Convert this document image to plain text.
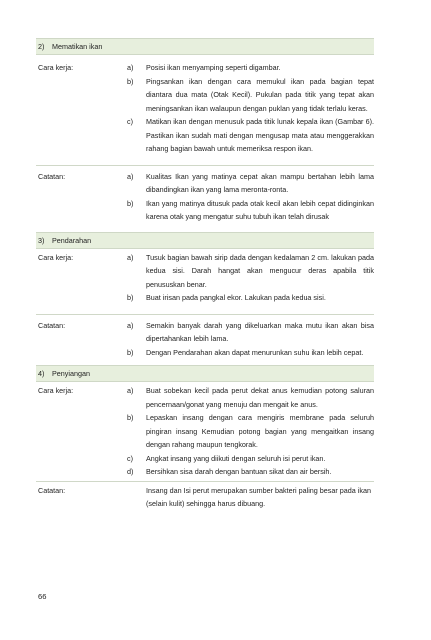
2) Mematikan ikan
Cara kerja:	a)	Posisi ikan menyamping seperti digambar.
b)	Pingsankan ikan dengan cara memukul ikan pada bagian tepat diantara dua mata (Otak Kecil). Pukulan pada titik yang tepat akan meningsankan ikan walaupun dengan puklan yang tidak terlalu keras.
c)	Matikan ikan dengan menusuk pada titik lunak kepala ikan (Gambar 6). Pastikan ikan sudah mati dengan mengusap mata atau menggerakkan rahang bagian bawah untuk memeriksa respon ikan.
Catatan:	a)	Kualitas Ikan yang matinya cepat akan mampu bertahan lebih lama dibandingkan ikan yang lama meronta-ronta.
b)	Ikan yang matinya ditusuk pada otak kecil akan lebih cepat didinginkan karena otak yang mengatur suhu tubuh ikan telah dirusak
3) Pendarahan
Cara kerja:	a)	Tusuk bagian bawah sirip dada dengan kedalaman 2 cm. lakukan pada kedua sisi. Darah hangat akan mengucur deras apabila titik penususkan benar.
b)	Buat irisan pada pangkal ekor. Lakukan pada kedua sisi.
Catatan:	a)	Semakin banyak darah yang dikeluarkan maka mutu ikan akan bisa dipertahankan lebih lama.
b)	Dengan Pendarahan akan dapat menurunkan suhu ikan lebih cepat.
4) Penyiangan
Cara kerja:	a)	Buat sobekan kecil pada perut dekat anus kemudian potong saluran pencernaan/gonat yang menuju dan mengait ke anus.
b)	Lepaskan insang dengan cara mengiris membrane pada seluruh pingiran insang Kemudian potong bagian yang mengaitkan insang dengan rahang maupun tengkorak.
c)	Angkat insang yang diikuti dengan seluruh isi perut ikan.
d)	Bersihkan sisa darah dengan bantuan sikat dan air bersih.
Catatan:	Insang dan Isi perut merupakan sumber bakteri paling besar pada ikan (selain kulit) sehingga harus dibuang.
66
